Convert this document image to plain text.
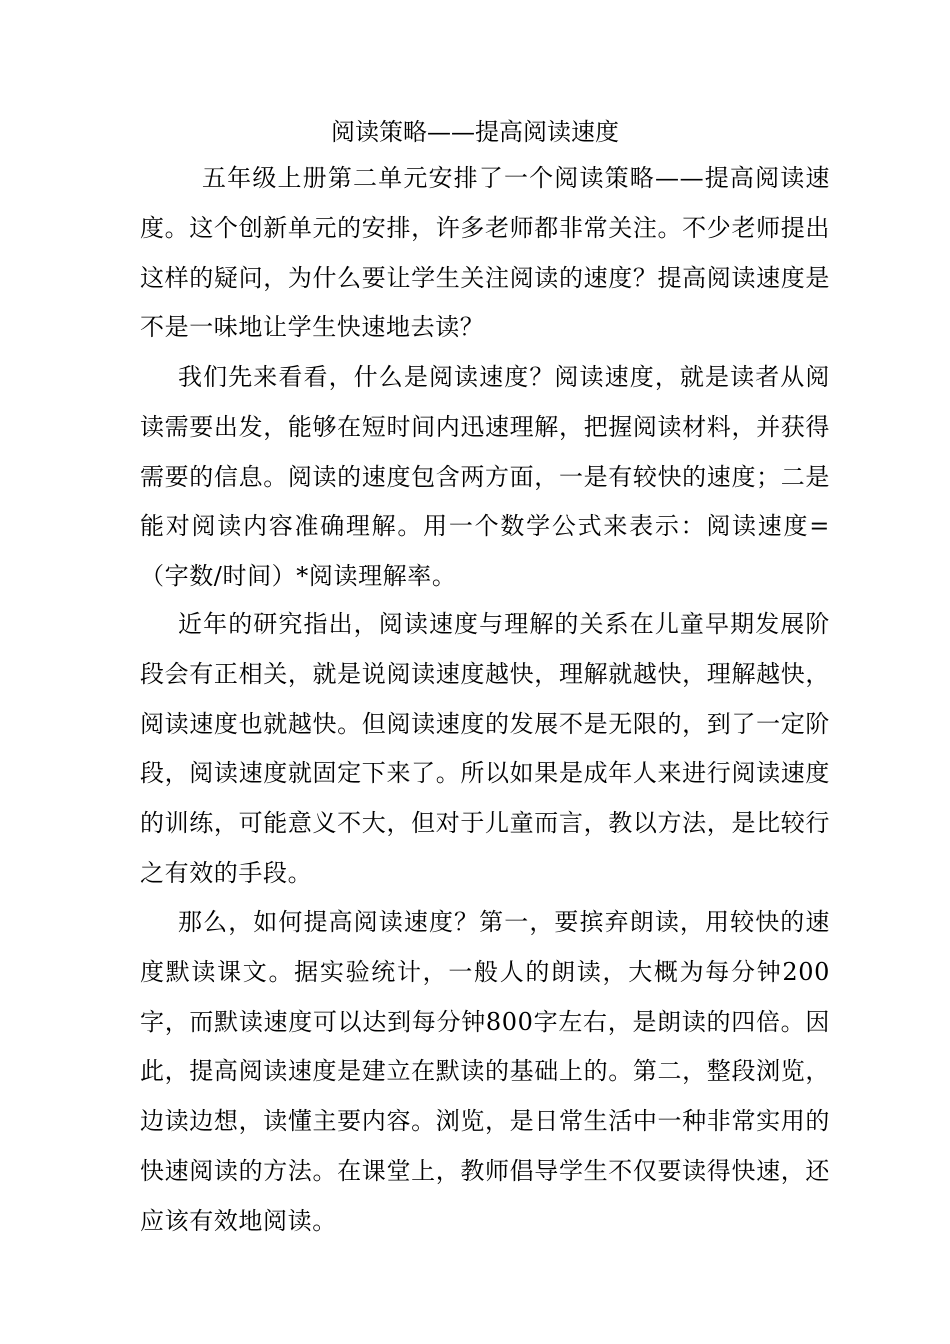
阅读策略——提高阅读速度

五年级上册第二单元安排了一个阅读策略——提高阅读速度。这个创新单元的安排，许多老师都非常关注。不少老师提出这样的疑问，为什么要让学生关注阅读的速度？提高阅读速度是不是一味地让学生快速地去读？

我们先来看看，什么是阅读速度？阅读速度，就是读者从阅读需要出发，能够在短时间内迅速理解，把握阅读材料，并获得需要的信息。阅读的速度包含两方面，一是有较快的速度；二是能对阅读内容准确理解。用一个数学公式来表示：阅读速度=（字数/时间）*阅读理解率。

近年的研究指出，阅读速度与理解的关系在儿童早期发展阶段会有正相关，就是说阅读速度越快，理解就越快，理解越快，阅读速度也就越快。但阅读速度的发展不是无限的，到了一定阶段，阅读速度就固定下来了。所以如果是成年人来进行阅读速度的训练，可能意义不大，但对于儿童而言，教以方法，是比较行之有效的手段。

那么，如何提高阅读速度？第一，要摈弃朗读，用较快的速度默读课文。据实验统计，一般人的朗读，大概为每分钟200字，而默读速度可以达到每分钟800字左右，是朗读的四倍。因此，提高阅读速度是建立在默读的基础上的。第二，整段浏览，边读边想，读懂主要内容。浏览，是日常生活中一种非常实用的快速阅读的方法。在课堂上，教师倡导学生不仅要读得快速，还应该有效地阅读。
